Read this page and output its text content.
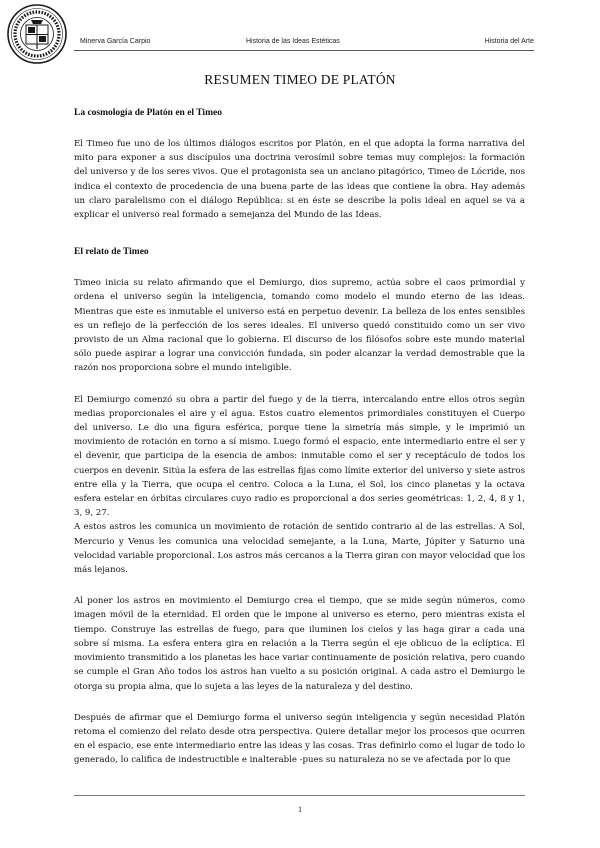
Minerva García Carpio	Historia de las Ideas Estéticas	Historia del Arte
RESUMEN TIMEO DE PLATÓN
La cosmología de Platón en el Timeo

El Timeo fue uno de los últimos diálogos escritos por Platón, en el que adopta la forma narrativa del mito para exponer a sus discípulos una doctrina verosímil sobre temas muy complejos: la formación del universo y de los seres vivos. Que el protagonista sea un anciano pitagórico, Timeo de Lócride, nos indica el contexto de procedencia de una buena parte de las ideas que contiene la obra. Hay además un claro paralelismo con el diálogo República: si en éste se describe la polis ideal en aquel se va a explicar el universo real formado a semejanza del Mundo de las Ideas.

El relato de Timeo

Timeo inicia su relato afirmando que el Demiurgo, dios supremo, actúa sobre el caos primordial y ordena el universo según la inteligencia, tomando como modelo el mundo eterno de las ideas. Mientras que este es inmutable el universo está en perpetuo devenir. La belleza de los entes sensibles es un reflejo de la perfección de los seres ideales. El universo quedó constituido como un ser vivo provisto de un Alma racional que lo gobierna. El discurso de los filósofos sobre este mundo material sólo puede aspirar a lograr una convicción fundada, sin poder alcanzar la verdad demostrable que la razón nos proporciona sobre el mundo inteligible.

El Demiurgo comenzó su obra a partir del fuego y de la tierra, intercalando entre ellos otros según medias proporcionales el aire y el agua. Estos cuatro elementos primordiales constituyen el Cuerpo del universo. Le dio una figura esférica, porque tiene la simetría más simple, y le imprimió un movimiento de rotación en torno a sí mismo. Luego formó el espacio, ente intermediario entre el ser y el devenir, que participa de la esencia de ambos: inmutable como el ser y receptáculo de todos los cuerpos en devenir. Sitúa la esfera de las estrellas fijas como límite exterior del universo y siete astros entre ella y la Tierra, que ocupa el centro. Coloca a la Luna, el Sol, los cinco planetas y la octava esfera estelar en órbitas circulares cuyo radio es proporcional a dos series geométricas: 1, 2, 4, 8 y 1, 3, 9, 27.

A estos astros les comunica un movimiento de rotación de sentido contrario al de las estrellas. A Sol, Mercurio y Venus les comunica una velocidad semejante, a la Luna, Marte, Júpiter y Saturno una velocidad variable proporcional. Los astros más cercanos a la Tierra giran con mayor velocidad que los más lejanos.

Al poner los astros en movimiento el Demiurgo crea el tiempo, que se mide según números, como imagen móvil de la eternidad. El orden que le impone al universo es eterno, pero mientras exista el tiempo. Construye las estrellas de fuego, para que iluminen los cielos y las haga girar a cada una sobre sí misma. La esfera entera gira en relación a la Tierra según el eje oblicuo de la eclíptica. El movimiento transmitido a los planetas les hace variar continuamente de posición relativa, pero cuando se cumple el Gran Año todos los astros han vuelto a su posición original. A cada astro el Demiurgo le otorga su propia alma, que lo sujeta a las leyes de la naturaleza y del destino.

Después de afirmar que el Demiurgo forma el universo según inteligencia y según necesidad Platón retoma el comienzo del relato desde otra perspectiva. Quiere detallar mejor los procesos que ocurren en el espacio, ese ente intermediario entre las ideas y las cosas. Tras definirlo como el lugar de todo lo generado, lo califica de indestructible e inalterable -pues su naturaleza no se ve afectada por lo que

1
